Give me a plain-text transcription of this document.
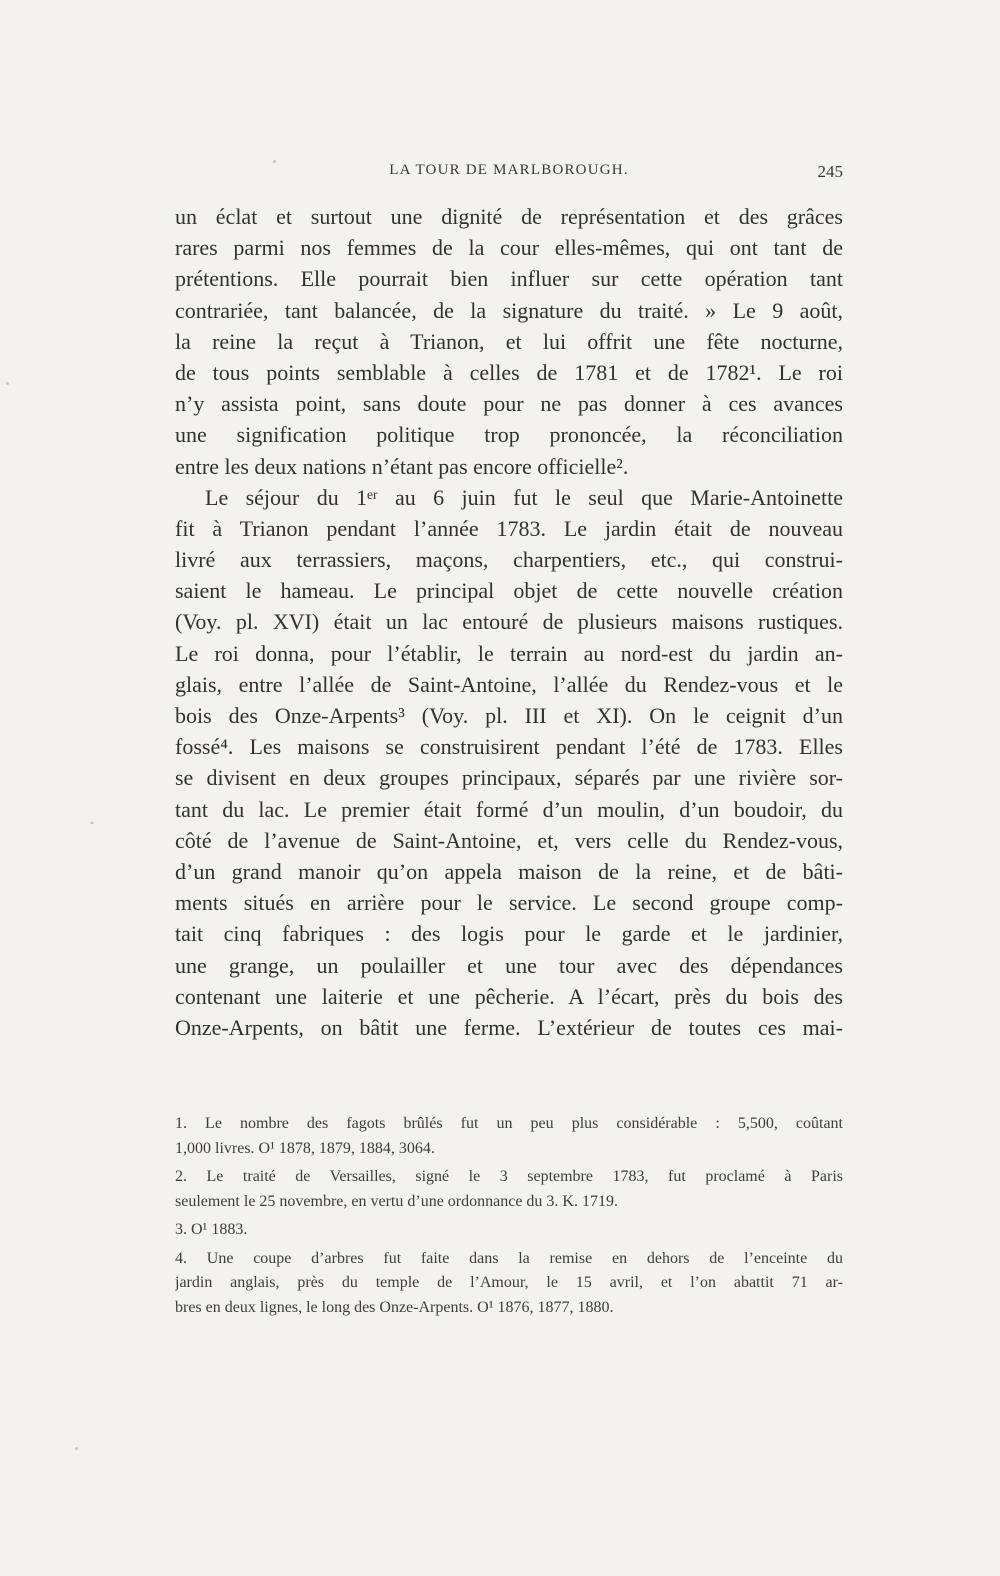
LA TOUR DE MARLBOROUGH.	245
un éclat et surtout une dignité de représentation et des grâces
rares parmi nos femmes de la cour elles-mêmes, qui ont tant de
prétentions. Elle pourrait bien influer sur cette opération tant
contrariée, tant balancée, de la signature du traité. » Le 9 août,
la reine la reçut à Trianon, et lui offrit une fête nocturne,
de tous points semblable à celles de 1781 et de 1782¹. Le roi
n’y assista point, sans doute pour ne pas donner à ces avances
une signification politique trop prononcée, la réconciliation
entre les deux nations n’étant pas encore officielle².
Le séjour du 1ᵉʳ au 6 juin fut le seul que Marie-Antoinette
fit à Trianon pendant l’année 1783. Le jardin était de nouveau
livré aux terrassiers, maçons, charpentiers, etc., qui construi-
saient le hameau. Le principal objet de cette nouvelle création
(Voy. pl. XVI) était un lac entouré de plusieurs maisons rustiques.
Le roi donna, pour l’établir, le terrain au nord-est du jardin an-
glais, entre l’allée de Saint-Antoine, l’allée du Rendez-vous et le
bois des Onze-Arpents³ (Voy. pl. III et XI). On le ceignit d’un
fossé⁴. Les maisons se construisirent pendant l’été de 1783. Elles
se divisent en deux groupes principaux, séparés par une rivière sor-
tant du lac. Le premier était formé d’un moulin, d’un boudoir, du
côté de l’avenue de Saint-Antoine, et, vers celle du Rendez-vous,
d’un grand manoir qu’on appela maison de la reine, et de bâti-
ments situés en arrière pour le service. Le second groupe comp-
tait cinq fabriques : des logis pour le garde et le jardinier,
une grange, un poulailler et une tour avec des dépendances
contenant une laiterie et une pêcherie. A l’écart, près du bois des
Onze-Arpents, on bâtit une ferme. L’extérieur de toutes ces mai-
1. Le nombre des fagots brûlés fut un peu plus considérable : 5,500, coûtant
1,000 livres. O¹ 1878, 1879, 1884, 3064.
2. Le traité de Versailles, signé le 3 septembre 1783, fut proclamé à Paris
seulement le 25 novembre, en vertu d’une ordonnance du 3. K. 1719.
3. O¹ 1883.
4. Une coupe d’arbres fut faite dans la remise en dehors de l’enceinte du
jardin anglais, près du temple de l’Amour, le 15 avril, et l’on abattit 71 ar-
bres en deux lignes, le long des Onze-Arpents. O¹ 1876, 1877, 1880.
